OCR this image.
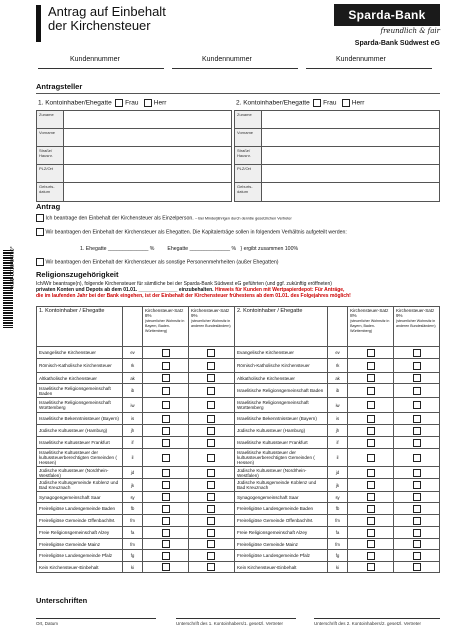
Antrag auf Einbehalt
der Kirchensteuer
Sparda-Bank
freundlich & fair
Sparda-Bank Südwest eG
Kundennummer	Kundennummer	Kundennummer
Antragsteller
1. Kontoinhaber/Ehegatte Frau Herr	2. Kontoinhaber/Ehegatte Frau Herr
Zuname	
Vorname	
Straße/ Hausnr.	
PLZ/Ort	
Geburts- datum	
Zuname	
Vorname	
Straße/ Hausnr.	
PLZ/Ort	
Geburts- datum	
Antrag
Ich beantrage den Einbehalt der Kirchensteuer als Einzelperson. – Bei Minderjährigen durch den/die gesetzlichen Vertreter
Wir beantragen den Einbehalt der Kirchensteuer als Ehegatten. Die Kapitalerträge sollen in folgendem Verhältnis aufgeteilt werden:
1. Ehegatte ______________ % Ehegatte ______________ % } ergibt zusammen 100%
Wir beantragen den Einbehalt der Kirchensteuer als sonstige Personenmehrheiten (außer Ehegatten)
*K31-0010-04/10*	Religionszugehörigkeit
Ich/Wir beantrage(n), folgende Kirchensteuer für sämtliche bei der Sparda-Bank Südwest eG geführten (und ggf. zukünftig eröffneten)
privaten Konten und Depots ab dem 01.01. ______________ einzubehalten. Hinweis für Kunden mit Wertpapierdepot: Für Anträge,
die im laufenden Jahr bei der Bank eingehen, ist der Einbehalt der Kirchensteuer frühestens ab dem 01.01. des Folgejahres möglich!
1. Kontoinhaber / Ehegatte		Kirchensteuer-Satz 8%
(steuerlicher Wohnsitz in Bayern, Baden-Württemberg)	Kirchensteuer-Satz 9%
(steuerlicher Wohnsitz in anderen Bundesländern)	2. Kontoinhaber / Ehegatte		Kirchensteuer-Satz 8%
(steuerlicher Wohnsitz in Bayern, Baden-Württemberg)	Kirchensteuer-Satz 9%
(steuerlicher Wohnsitz in anderen Bundesländern)
Evangelische Kirchensteuer	ev			Evangelische Kirchensteuer	ev		
Römisch-Katholische Kirchensteuer	rk			Römisch-Katholische Kirchensteuer	rk		
Altkatholische Kirchensteuer	ak			Altkatholische Kirchensteuer	ak		
Israelitische Religionsgemeinschaft Baden	ib			Israelitische Religionsgemeinschaft Baden	ib		
Israelitische Religionsgemeinschaft Württemberg	iw			Israelitische Religionsgemeinschaft Württemberg	iw		
Israelitische Bekenntnissteuer (Bayern)	is			Israelitische Bekenntnissteuer (Bayern)	is		
Jüdische Kultussteuer (Hamburg)	jh			Jüdische Kultussteuer (Hamburg)	jh		
Israelitische Kultussteuer Frankfurt	if			Israelitische Kultussteuer Frankfurt	if		
Israelitische Kultussteuer der kultussteuerberechtigten Gemeinden ( Hessen)	il			Israelitische Kultussteuer der kultussteuerberechtigten Gemeinden ( Hessen)	il		
Jüdische Kultussteuer (Nordrhein-Westfalen)	jd			Jüdische Kultussteuer (Nordrhein-Westfalen)	jd		
Jüdische Kultusgemeinde Koblenz und Bad Kreuznach	jk			Jüdische Kultusgemeinde Koblenz und Bad Kreuznach	jk		
Synagogengemeinschaft Saar	sy			Synagogengemeinschaft Saar	sy		
Freireligiöse Landesgemeinde Baden	fb			Freireligiöse Landesgemeinde Baden	fb		
Freireligiöse Gemeinde Offenbach/M.	fm			Freireligiöse Gemeinde Offenbach/M.	fm		
Freie Religionsgemeinschaft Alzey	fa			Freie Religionsgemeinschaft Alzey	fa		
Freireligiöse Gemeinde Mainz	fm			Freireligiöse Gemeinde Mainz	fm		
Freireligiöse Landesgemeinde Pfalz	fg			Freireligiöse Landesgemeinde Pfalz	fg		
Kein Kirchensteuer-Einbehalt	ki			Kein Kirchensteuer-Einbehalt	ki		
Unterschriften
Ort, Datum	Unterschrift des 1. Kontoinhabers/1. gesetzl. Vertreter	Unterschrift des 2. Kontoinhabers/2. gesetzl. Vertreter
